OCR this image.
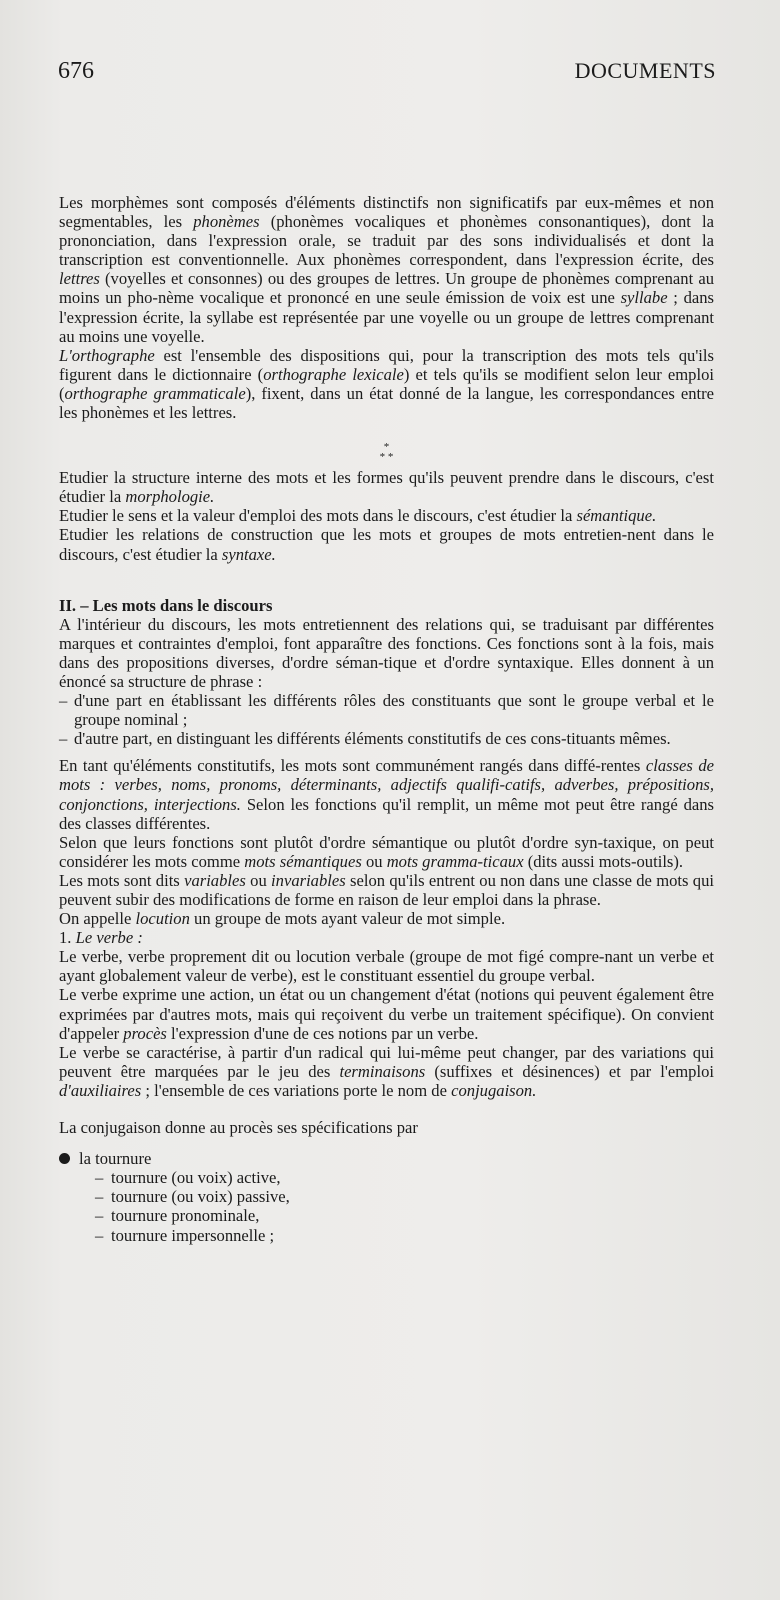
676	DOCUMENTS

Les morphèmes sont composés d'éléments distinctifs non significatifs par eux-mêmes et non segmentables, les phonèmes (phonèmes vocaliques et phonèmes consonantiques), dont la prononciation, dans l'expression orale, se traduit par des sons individualisés et dont la transcription est conventionnelle. Aux phonèmes correspondent, dans l'expression écrite, des lettres (voyelles et consonnes) ou des groupes de lettres. Un groupe de phonèmes comprenant au moins un pho-nème vocalique et prononcé en une seule émission de voix est une syllabe ; dans l'expression écrite, la syllabe est représentée par une voyelle ou un groupe de lettres comprenant au moins une voyelle.

L'orthographe est l'ensemble des dispositions qui, pour la transcription des mots tels qu'ils figurent dans le dictionnaire (orthographe lexicale) et tels qu'ils se modifient selon leur emploi (orthographe grammaticale), fixent, dans un état donné de la langue, les correspondances entre les phonèmes et les lettres.

*
* *

Etudier la structure interne des mots et les formes qu'ils peuvent prendre dans le discours, c'est étudier la morphologie.

Etudier le sens et la valeur d'emploi des mots dans le discours, c'est étudier la sémantique.

Etudier les relations de construction que les mots et groupes de mots entretien-nent dans le discours, c'est étudier la syntaxe.

II. – Les mots dans le discours

A l'intérieur du discours, les mots entretiennent des relations qui, se traduisant par différentes marques et contraintes d'emploi, font apparaître des fonctions. Ces fonctions sont à la fois, mais dans des propositions diverses, d'ordre séman-tique et d'ordre syntaxique. Elles donnent à un énoncé sa structure de phrase :

– d'une part en établissant les différents rôles des constituants que sont le groupe verbal et le groupe nominal ;
– d'autre part, en distinguant les différents éléments constitutifs de ces cons-tituants mêmes.

En tant qu'éléments constitutifs, les mots sont communément rangés dans diffé-rentes classes de mots : verbes, noms, pronoms, déterminants, adjectifs qualifi-catifs, adverbes, prépositions, conjonctions, interjections. Selon les fonctions qu'il remplit, un même mot peut être rangé dans des classes différentes.

Selon que leurs fonctions sont plutôt d'ordre sémantique ou plutôt d'ordre syn-taxique, on peut considérer les mots comme mots sémantiques ou mots gramma-ticaux (dits aussi mots-outils).

Les mots sont dits variables ou invariables selon qu'ils entrent ou non dans une classe de mots qui peuvent subir des modifications de forme en raison de leur emploi dans la phrase.

On appelle locution un groupe de mots ayant valeur de mot simple.

1. Le verbe :

Le verbe, verbe proprement dit ou locution verbale (groupe de mot figé compre-nant un verbe et ayant globalement valeur de verbe), est le constituant essentiel du groupe verbal.

Le verbe exprime une action, un état ou un changement d'état (notions qui peuvent également être exprimées par d'autres mots, mais qui reçoivent du verbe un traitement spécifique). On convient d'appeler procès l'expression d'une de ces notions par un verbe.

Le verbe se caractérise, à partir d'un radical qui lui-même peut changer, par des variations qui peuvent être marquées par le jeu des terminaisons (suffixes et désinences) et par l'emploi d'auxiliaires ; l'ensemble de ces variations porte le nom de conjugaison.

La conjugaison donne au procès ses spécifications par

la tournure
– tournure (ou voix) active,
– tournure (ou voix) passive,
– tournure pronominale,
– tournure impersonnelle ;
